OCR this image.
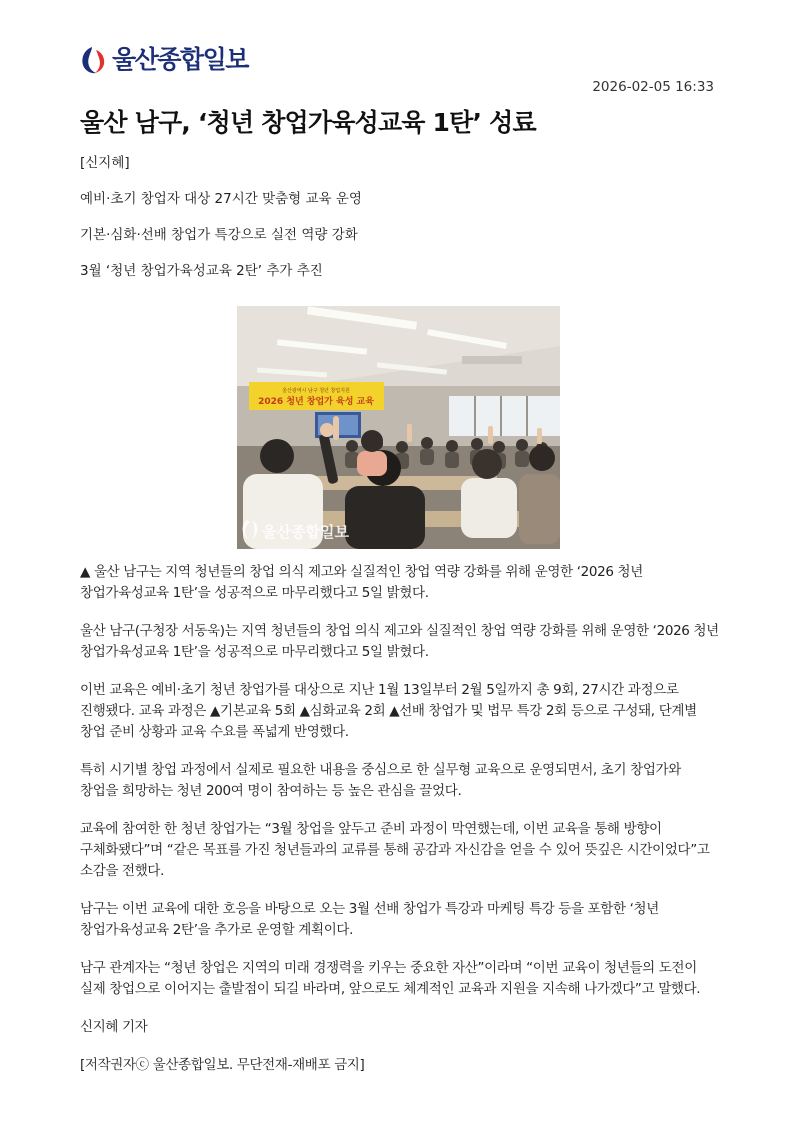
울산종합일보
2026-02-05 16:33
울산 남구, ‘청년 창업가육성교육 1탄’ 성료
[신지혜]
예비·초기 창업자 대상 27시간 맞춤형 교육 운영
기본·심화·선배 창업가 특강으로 실전 역량 강화
3월 ‘청년 창업가육성교육 2탄’ 추가 추진
울산광역시 남구 청년 창업지원
2026 청년 창업가 육성 교육
울산종합일보

▲ 울산 남구는 지역 청년들의 창업 의식 제고와 실질적인 창업 역량 강화를 위해 운영한 ‘2026 청년 창업가육성교육 1탄’을 성공적으로 마무리했다고 5일 밝혔다.

울산 남구(구청장 서동욱)는 지역 청년들의 창업 의식 제고와 실질적인 창업 역량 강화를 위해 운영한 ‘2026 청년 창업가육성교육 1탄’을 성공적으로 마무리했다고 5일 밝혔다.

이번 교육은 예비·초기 청년 창업가를 대상으로 지난 1월 13일부터 2월 5일까지 총 9회, 27시간 과정으로 진행됐다. 교육 과정은 ▲기본교육 5회 ▲심화교육 2회 ▲선배 창업가 및 법무 특강 2회 등으로 구성돼, 단계별 창업 준비 상황과 교육 수요를 폭넓게 반영했다.

특히 시기별 창업 과정에서 실제로 필요한 내용을 중심으로 한 실무형 교육으로 운영되면서, 초기 창업가와 창업을 희망하는 청년 200여 명이 참여하는 등 높은 관심을 끌었다.

교육에 참여한 한 청년 창업가는 “3월 창업을 앞두고 준비 과정이 막연했는데, 이번 교육을 통해 방향이 구체화됐다”며 “같은 목표를 가진 청년들과의 교류를 통해 공감과 자신감을 얻을 수 있어 뜻깊은 시간이었다”고 소감을 전했다.

남구는 이번 교육에 대한 호응을 바탕으로 오는 3월 선배 창업가 특강과 마케팅 특강 등을 포함한 ‘청년 창업가육성교육 2탄’을 추가로 운영할 계획이다.

남구 관계자는 “청년 창업은 지역의 미래 경쟁력을 키우는 중요한 자산”이라며 “이번 교육이 청년들의 도전이 실제 창업으로 이어지는 출발점이 되길 바라며, 앞으로도 체계적인 교육과 지원을 지속해 나가겠다”고 말했다.

신지혜 기자

[저작권자ⓒ 울산종합일보. 무단전재-재배포 금지]
